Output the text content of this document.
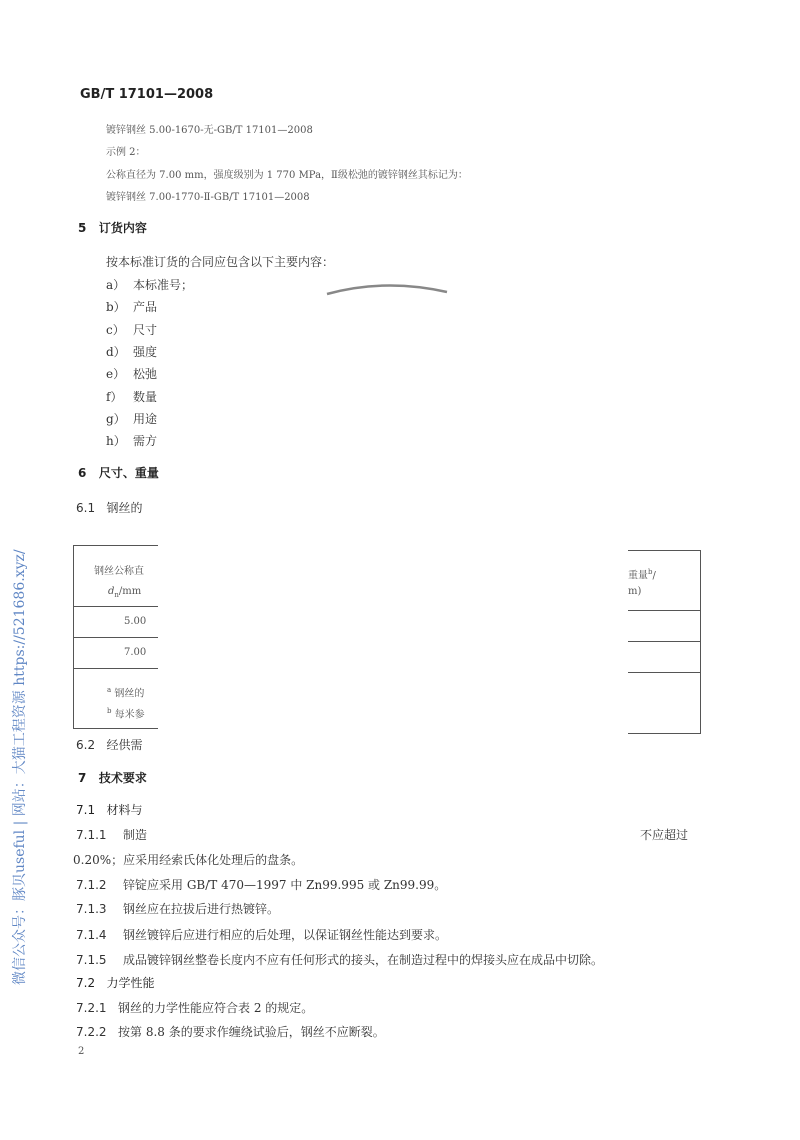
GB/T 17101—2008
镀锌钢丝 5.00-1670-无-GB/T 17101—2008
示例 2：
公称直径为 7.00 mm，强度级别为 1 770 MPa，Ⅱ级松弛的镀锌钢丝其标记为：
镀锌钢丝 7.00-1770-Ⅱ-GB/T 17101—2008
5 订货内容
按本标准订货的合同应包含以下主要内容：
a） 本标准号；
b） 产品
c） 尺寸
d） 强度
e） 松弛
f） 数量
g） 用途
h） 需方
6 尺寸、重量
6.1 钢丝的
钢丝公称直
$d_n/mm$
5.00
7.00
$^a$ 钢丝的
$^b$ 每米参
重量$^b$/
m)
6.2 经供需
7 技术要求
7.1 材料与
7.1.1 制造
0.20%；应采用经索氏体化处理后的盘条。
7.1.2 锌锭应采用 GB/T 470—1997 中 Zn99.995 或 Zn99.99。
7.1.3 钢丝应在拉拔后进行热镀锌。
7.1.4 钢丝镀锌后应进行相应的后处理，以保证钢丝性能达到要求。
7.1.5 成品镀锌钢丝整卷长度内不应有任何形式的接头，在制造过程中的焊接头应在成品中切除。
不应超过
7.2 力学性能
7.2.1 钢丝的力学性能应符合表 2 的规定。
7.2.2 按第 8.8 条的要求作缠绕试验后，钢丝不应断裂。
2
微信公众号：豚贝useful | 网站：大猫工程资源 https://521686.xyz/
